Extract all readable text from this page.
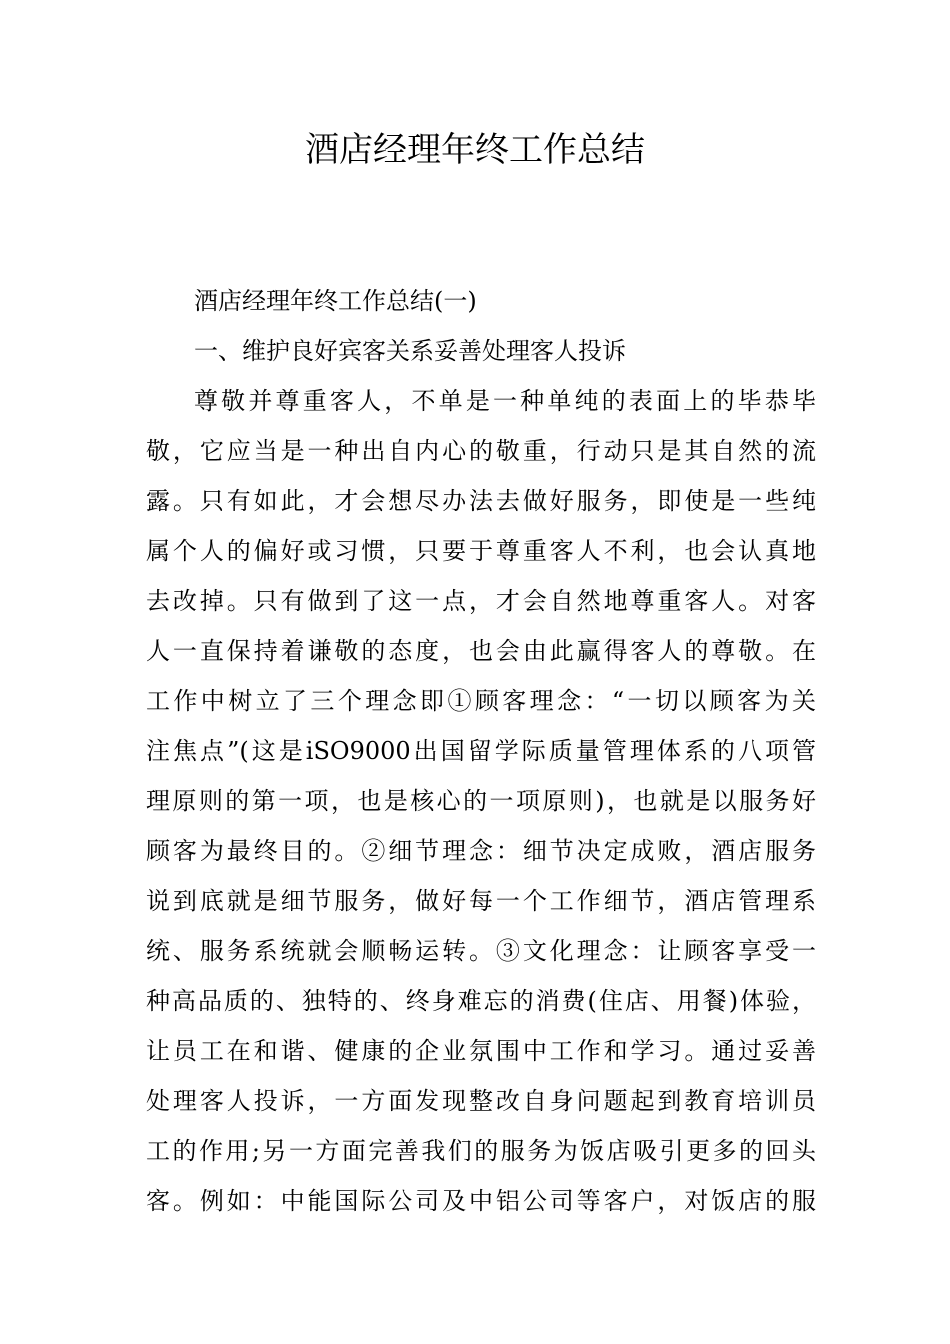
酒店经理年终工作总结

酒店经理年终工作总结(一)

一、维护良好宾客关系妥善处理客人投诉

尊敬并尊重客人，不单是一种单纯的表面上的毕恭毕

敬，它应当是一种出自内心的敬重，行动只是其自然的流

露。只有如此，才会想尽办法去做好服务，即使是一些纯

属个人的偏好或习惯，只要于尊重客人不利，也会认真地

去改掉。只有做到了这一点，才会自然地尊重客人。对客

人一直保持着谦敬的态度，也会由此赢得客人的尊敬。在

工作中树立了三个理念即①顾客理念：“一切以顾客为关

注焦点”(这是iSO9000出国留学际质量管理体系的八项管

理原则的第一项，也是核心的一项原则)，也就是以服务好

顾客为最终目的。②细节理念：细节决定成败，酒店服务

说到底就是细节服务，做好每一个工作细节，酒店管理系

统、服务系统就会顺畅运转。③文化理念：让顾客享受一

种高品质的、独特的、终身难忘的消费(住店、用餐)体验，

让员工在和谐、健康的企业氛围中工作和学习。通过妥善

处理客人投诉，一方面发现整改自身问题起到教育培训员

工的作用;另一方面完善我们的服务为饭店吸引更多的回头

客。例如：中能国际公司及中铝公司等客户，对饭店的服
